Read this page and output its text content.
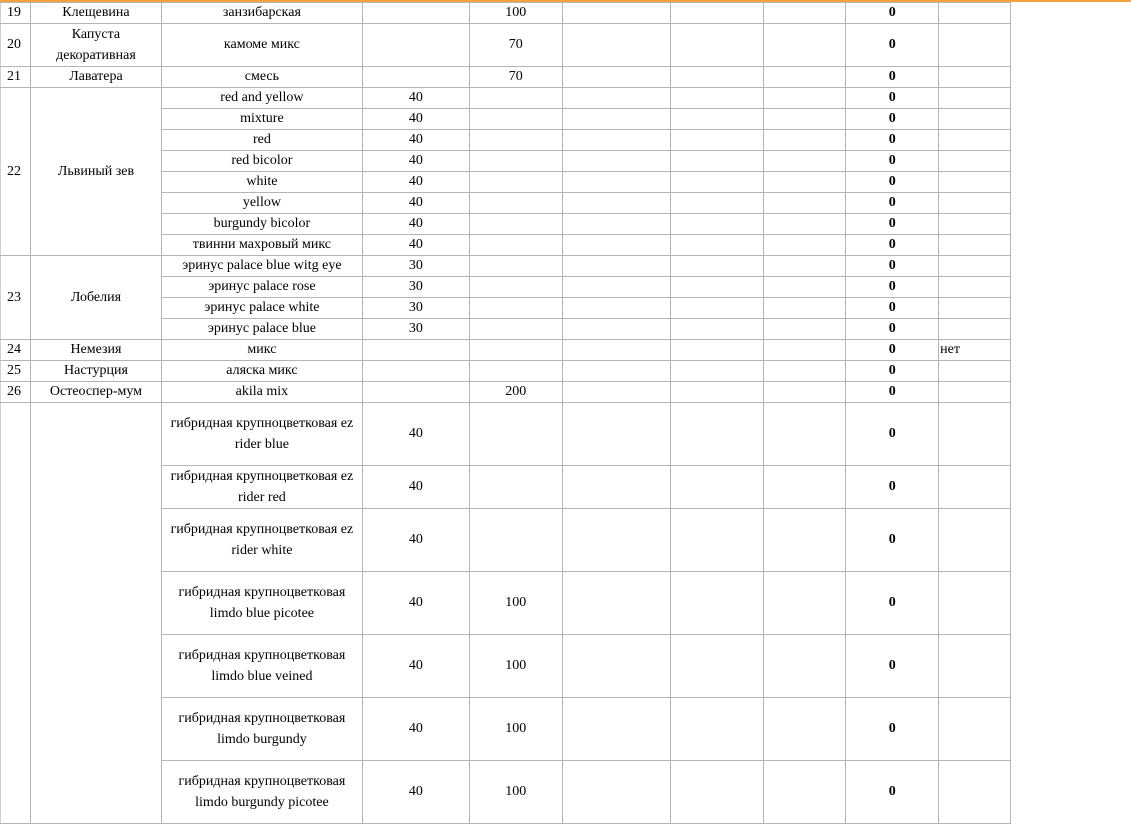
19	Клещевина	занзибарская		100				0	
20	Капуста декоративная	камоме микс		70				0	
21	Лаватера	смесь		70				0	
22	Львиный зев	red and yellow	40					0	
		mixture	40					0	
		red	40					0	
		red bicolor	40					0	
		white	40					0	
		yellow	40					0	
		burgundy bicolor	40					0	
		твинни махровый микс	40					0	
23	Лобелия	эринус palace blue witg eye	30					0	
		эринус palace rose	30					0	
		эринус palace white	30					0	
		эринус palace blue	30					0	
24	Немезия	микс						0	нет
25	Настурция	аляска микс						0	
26	Остеоспер-мум	akila mix		200				0	
		гибридная крупноцветковая ez rider blue	40					0	
		гибридная крупноцветковая ez rider red	40					0	
		гибридная крупноцветковая ez rider white	40					0	
		гибридная крупноцветковая limdo blue picotee	40	100				0	
		гибридная крупноцветковая limdo blue veined	40	100				0	
		гибридная крупноцветковая limdo burgundy	40	100				0	
		гибридная крупноцветковая limdo burgundy picotee	40	100				0	
